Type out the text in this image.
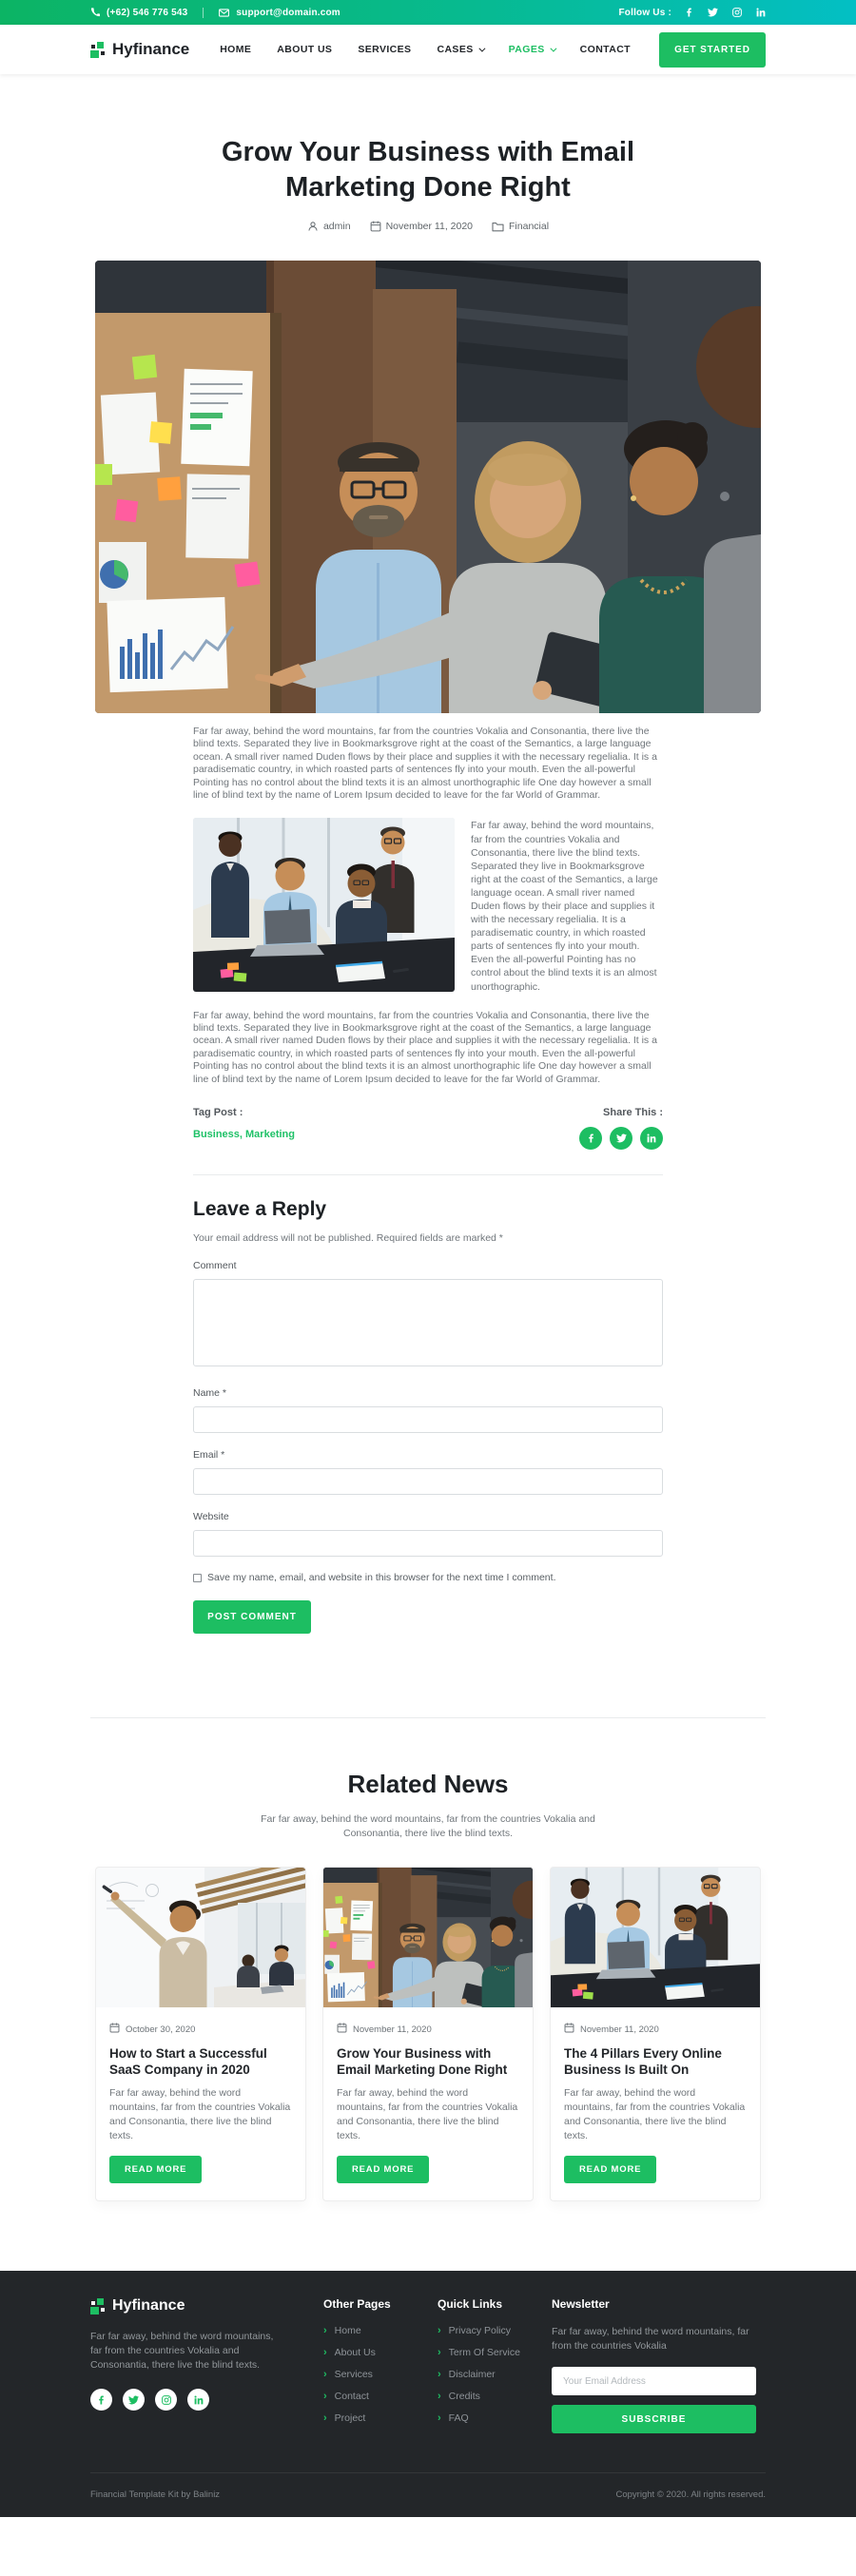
(+62) 546 776 543	support@domain.com	Follow Us :
Hyfinance	HOME	ABOUT US	SERVICES	CASES	PAGES	CONTACT	GET STARTED
Grow Your Business with Email Marketing Done Right
admin	November 11, 2020	Financial

Far far away, behind the word mountains, far from the countries Vokalia and Consonantia, there live the blind texts. Separated they live in Bookmarksgrove right at the coast of the Semantics, a large language ocean. A small river named Duden flows by their place and supplies it with the necessary regelialia. It is a paradisematic country, in which roasted parts of sentences fly into your mouth. Even the all-powerful Pointing has no control about the blind texts it is an almost unorthographic life One day however a small line of blind text by the name of Lorem Ipsum decided to leave for the far World of Grammar.

Far far away, behind the word mountains, far from the countries Vokalia and Consonantia, there live the blind texts. Separated they live in Bookmarksgrove right at the coast of the Semantics, a large language ocean. A small river named Duden flows by their place and supplies it with the necessary regelialia. It is a paradisematic country, in which roasted parts of sentences fly into your mouth. Even the all-powerful Pointing has no control about the blind texts it is an almost unorthographic.

Far far away, behind the word mountains, far from the countries Vokalia and Consonantia, there live the blind texts. Separated they live in Bookmarksgrove right at the coast of the Semantics, a large language ocean. A small river named Duden flows by their place and supplies it with the necessary regelialia. It is a paradisematic country, in which roasted parts of sentences fly into your mouth. Even the all-powerful Pointing has no control about the blind texts it is an almost unorthographic life One day however a small line of blind text by the name of Lorem Ipsum decided to leave for the far World of Grammar.

Tag Post :
Business, Marketing
Share This :
Leave a Reply
Your email address will not be published. Required fields are marked *
Comment
Name *
Email *
Website
Save my name, email, and website in this browser for the next time I comment.
POST COMMENT
Related News
Far far away, behind the word mountains, far from the countries Vokalia and Consonantia, there live the blind texts.
October 30, 2020
How to Start a Successful SaaS Company in 2020
Far far away, behind the word mountains, far from the countries Vokalia and Consonantia, there live the blind texts.
READ MORE
November 11, 2020
Grow Your Business with Email Marketing Done Right
Far far away, behind the word mountains, far from the countries Vokalia and Consonantia, there live the blind texts.
READ MORE
November 11, 2020
The 4 Pillars Every Online Business Is Built On
Far far away, behind the word mountains, far from the countries Vokalia and Consonantia, there live the blind texts.
READ MORE
Hyfinance
Far far away, behind the word mountains, far from the countries Vokalia and Consonantia, there live the blind texts.
Other Pages
› Home
› About Us
› Services
› Contact
› Project
Quick Links
› Privacy Policy
› Term Of Service
› Disclaimer
› Credits
› FAQ
Newsletter
Far far away, behind the word mountains, far from the countries Vokalia
Your Email Address SUBSCRIBE
Financial Template Kit by Baliniz	Copyright © 2020. All rights reserved.
